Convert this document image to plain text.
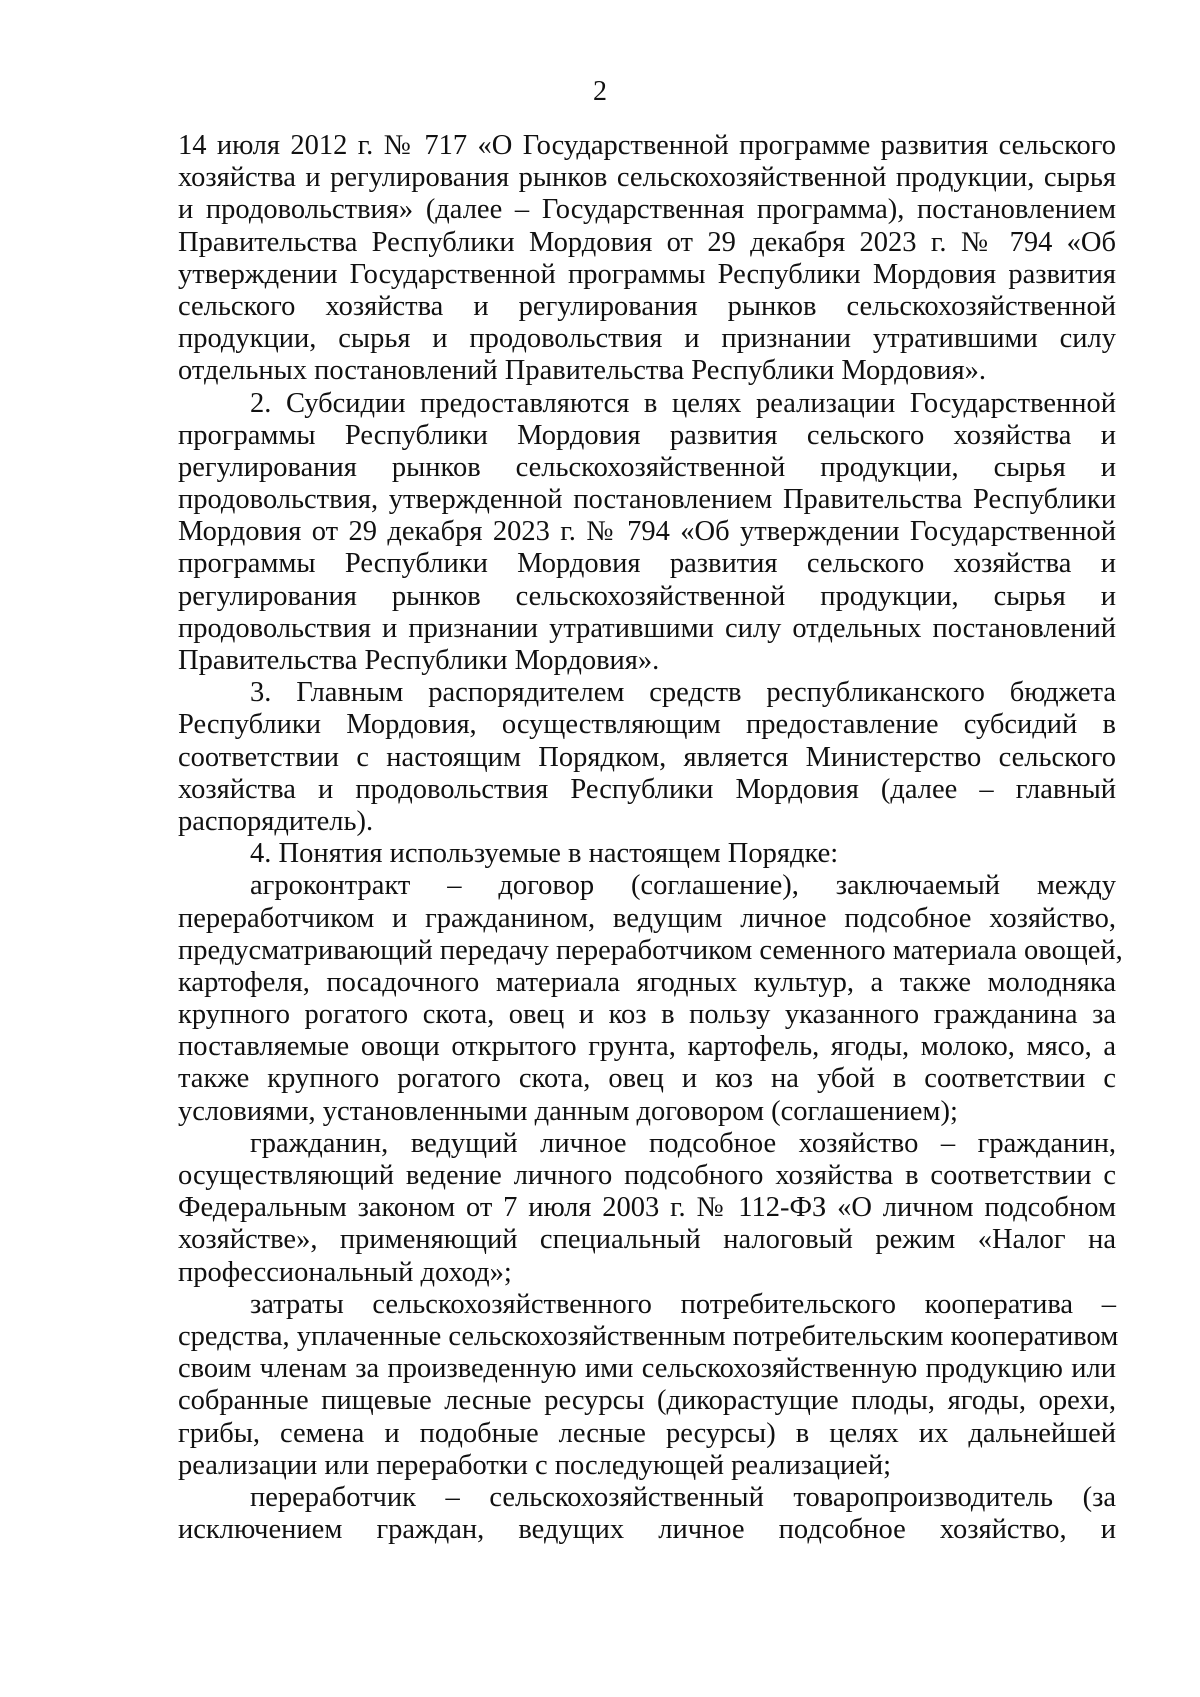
2
14 июля 2012 г. № 717 «О Государственной программе развития сельского
хозяйства и регулирования рынков сельскохозяйственной продукции, сырья
и продовольствия» (далее – Государственная программа), постановлением
Правительства Республики Мордовия от 29 декабря 2023 г. № 794 «Об
утверждении Государственной программы Республики Мордовия развития
сельского хозяйства и регулирования рынков сельскохозяйственной
продукции, сырья и продовольствия и признании утратившими силу
отдельных постановлений Правительства Республики Мордовия».
2. Субсидии предоставляются в целях реализации Государственной
программы Республики Мордовия развития сельского хозяйства и
регулирования рынков сельскохозяйственной продукции, сырья и
продовольствия, утвержденной постановлением Правительства Республики
Мордовия от 29 декабря 2023 г. № 794 «Об утверждении Государственной
программы Республики Мордовия развития сельского хозяйства и
регулирования рынков сельскохозяйственной продукции, сырья и
продовольствия и признании утратившими силу отдельных постановлений
Правительства Республики Мордовия».
3. Главным распорядителем средств республиканского бюджета
Республики Мордовия, осуществляющим предоставление субсидий в
соответствии с настоящим Порядком, является Министерство сельского
хозяйства и продовольствия Республики Мордовия (далее – главный
распорядитель).
4. Понятия используемые в настоящем Порядке:
агроконтракт – договор (соглашение), заключаемый между
переработчиком и гражданином, ведущим личное подсобное хозяйство,
предусматривающий передачу переработчиком семенного материала овощей,
картофеля, посадочного материала ягодных культур, а также молодняка
крупного рогатого скота, овец и коз в пользу указанного гражданина за
поставляемые овощи открытого грунта, картофель, ягоды, молоко, мясо, а
также крупного рогатого скота, овец и коз на убой в соответствии с
условиями, установленными данным договором (соглашением);
гражданин, ведущий личное подсобное хозяйство – гражданин,
осуществляющий ведение личного подсобного хозяйства в соответствии с
Федеральным законом от 7 июля 2003 г. № 112-ФЗ «О личном подсобном
хозяйстве», применяющий специальный налоговый режим «Налог на
профессиональный доход»;
затраты сельскохозяйственного потребительского кооператива –
средства, уплаченные сельскохозяйственным потребительским кооперативом
своим членам за произведенную ими сельскохозяйственную продукцию или
собранные пищевые лесные ресурсы (дикорастущие плоды, ягоды, орехи,
грибы, семена и подобные лесные ресурсы) в целях их дальнейшей
реализации или переработки с последующей реализацией;
переработчик – сельскохозяйственный товаропроизводитель (за
исключением граждан, ведущих личное подсобное хозяйство, и
